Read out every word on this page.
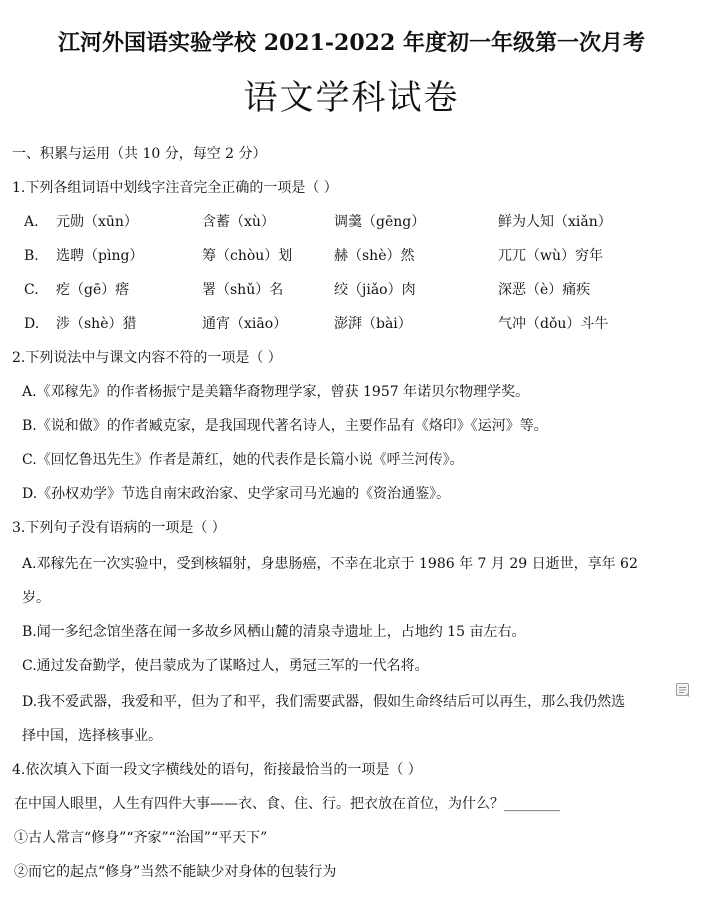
江河外国语实验学校 2021-2022 年度初一年级第一次月考
语文学科试卷
一、积累与运用（共 10 分，每空 2 分）
1.下列各组词语中划线字注音完全正确的一项是（ ）
A.	元勋（xūn）	含蓄（xù）	调羹（gēng）	鲜为人知（xiǎn）
B.	选聘（pìng）	筹（chòu）划	赫（shè）然	兀兀（wù）穷年
C.	疙（gē）瘩	署（shǔ）名	绞（jiǎo）肉	深恶（è）痛疾
D.	涉（shè）猎	通宵（xiāo）	澎湃（bài）	气冲（dǒu）斗牛
2.下列说法中与课文内容不符的一项是（ ）
A.《邓稼先》的作者杨振宁是美籍华裔物理学家，曾获 1957 年诺贝尔物理学奖。
B.《说和做》的作者臧克家，是我国现代著名诗人，主要作品有《烙印》《运河》等。
C.《回忆鲁迅先生》作者是萧红，她的代表作是长篇小说《呼兰河传》。
D.《孙权劝学》节选自南宋政治家、史学家司马光遍的《资治通鉴》。
3.下列句子没有语病的一项是（ ）
A.邓稼先在一次实验中，受到核辐射，身患肠癌，不幸在北京于 1986 年 7 月 29 日逝世，享年 62
岁。
B.闻一多纪念馆坐落在闻一多故乡风栖山麓的清泉寺遗址上，占地约 15 亩左右。
C.通过发奋勤学，使吕蒙成为了谋略过人，勇冠三军的一代名将。
D.我不爱武器，我爱和平，但为了和平，我们需要武器，假如生命终结后可以再生，那么我仍然选
择中国，选择核事业。
4.依次填入下面一段文字横线处的语句，衔接最恰当的一项是（ ）
在中国人眼里，人生有四件大事——衣、食、住、行。把衣放在首位，为什么？________
①古人常言“修身”“齐家”“治国”“平天下”
②而它的起点“修身”当然不能缺少对身体的包装行为
